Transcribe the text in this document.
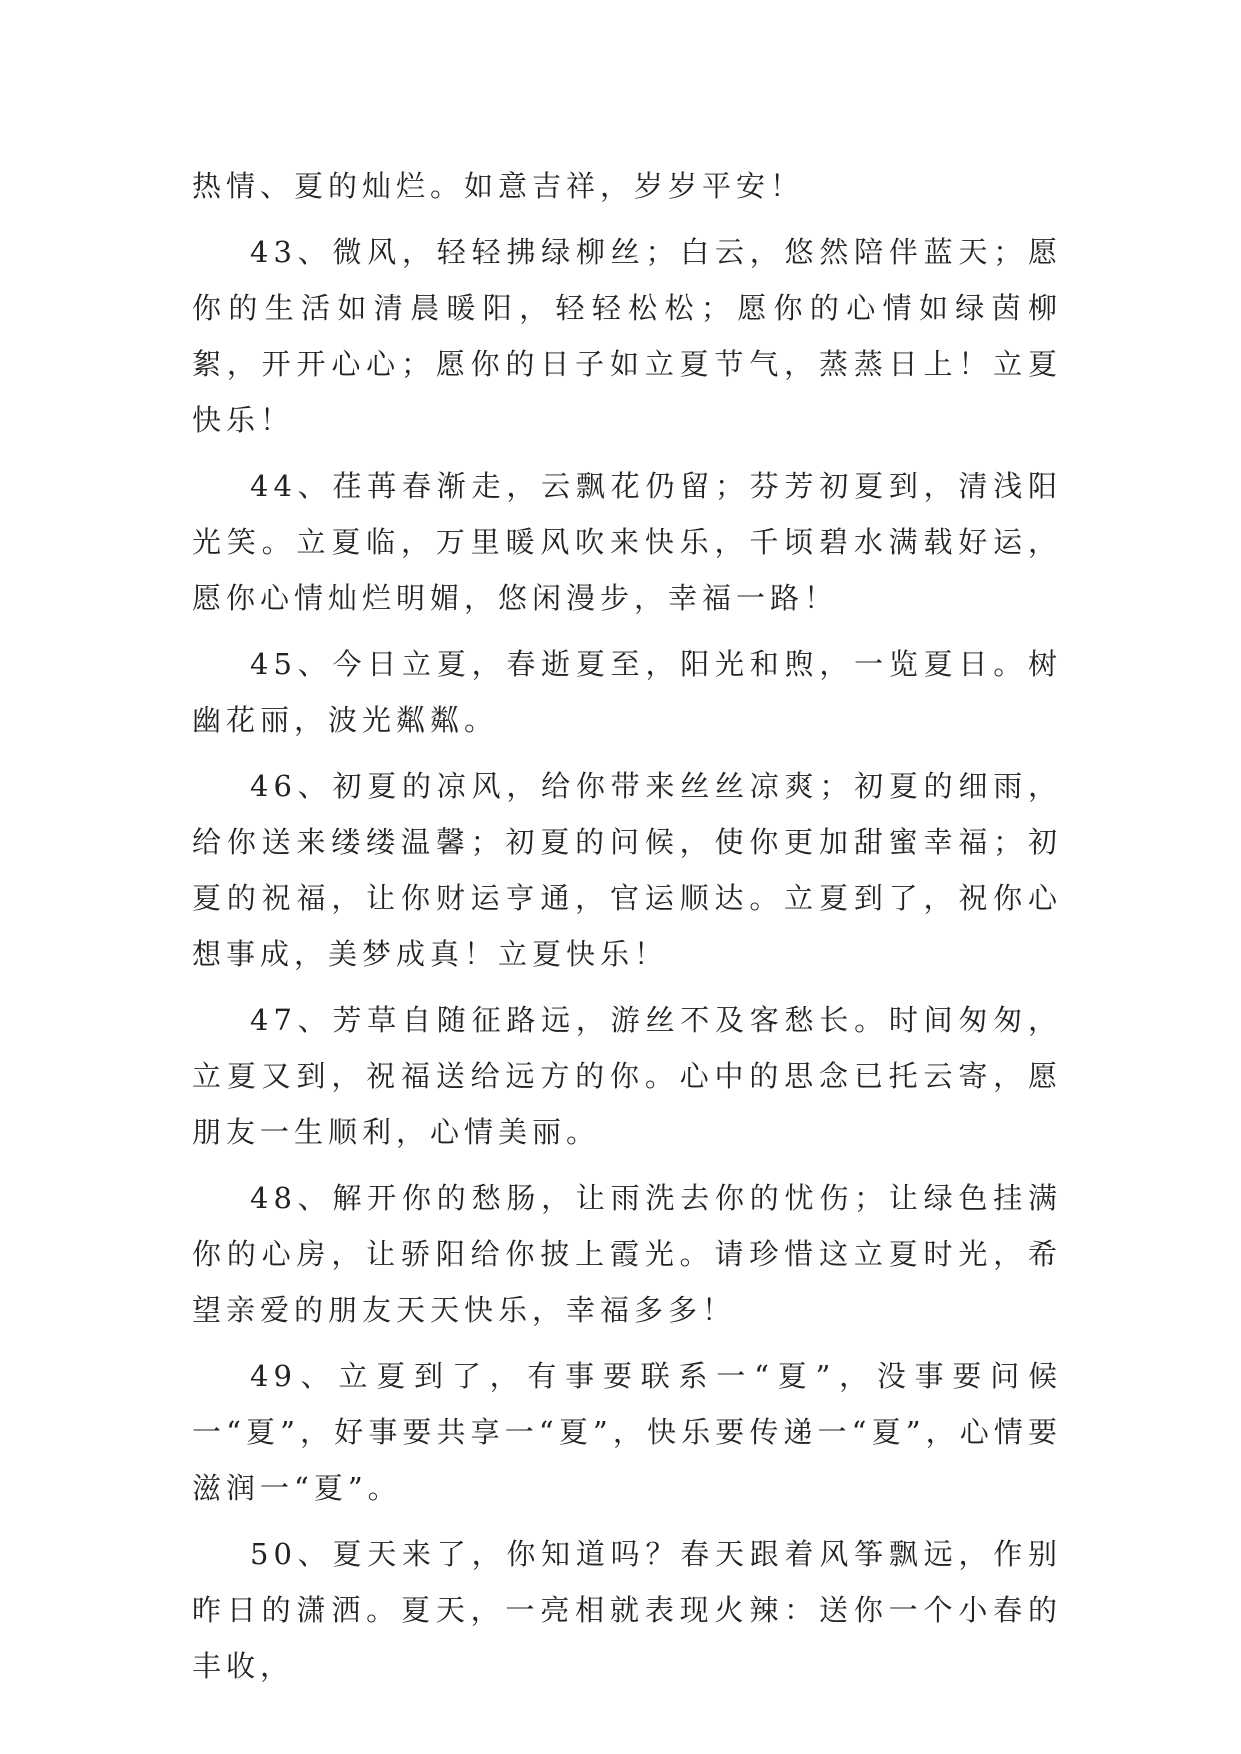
热情、夏的灿烂。如意吉祥，岁岁平安！

43、微风，轻轻拂绿柳丝；白云，悠然陪伴蓝天；愿你的生活如清晨暖阳，轻轻松松；愿你的心情如绿茵柳絮，开开心心；愿你的日子如立夏节气，蒸蒸日上！立夏快乐！

44、荏苒春渐走，云飘花仍留；芬芳初夏到，清浅阳光笑。立夏临，万里暖风吹来快乐，千顷碧水满载好运，愿你心情灿烂明媚，悠闲漫步，幸福一路！

45、今日立夏，春逝夏至，阳光和煦，一览夏日。树幽花丽，波光粼粼。

46、初夏的凉风，给你带来丝丝凉爽；初夏的细雨，给你送来缕缕温馨；初夏的问候，使你更加甜蜜幸福；初夏的祝福，让你财运亨通，官运顺达。立夏到了，祝你心想事成，美梦成真！立夏快乐！

47、芳草自随征路远，游丝不及客愁长。时间匆匆，立夏又到，祝福送给远方的你。心中的思念已托云寄，愿朋友一生顺利，心情美丽。

48、解开你的愁肠，让雨洗去你的忧伤；让绿色挂满你的心房，让骄阳给你披上霞光。请珍惜这立夏时光，希望亲爱的朋友天天快乐，幸福多多！

49、立夏到了，有事要联系一“夏”，没事要问候一“夏”，好事要共享一“夏”，快乐要传递一“夏”，心情要滋润一“夏”。

50、夏天来了，你知道吗？春天跟着风筝飘远，作别昨日的潇洒。夏天，一亮相就表现火辣：送你一个小春的丰收，
